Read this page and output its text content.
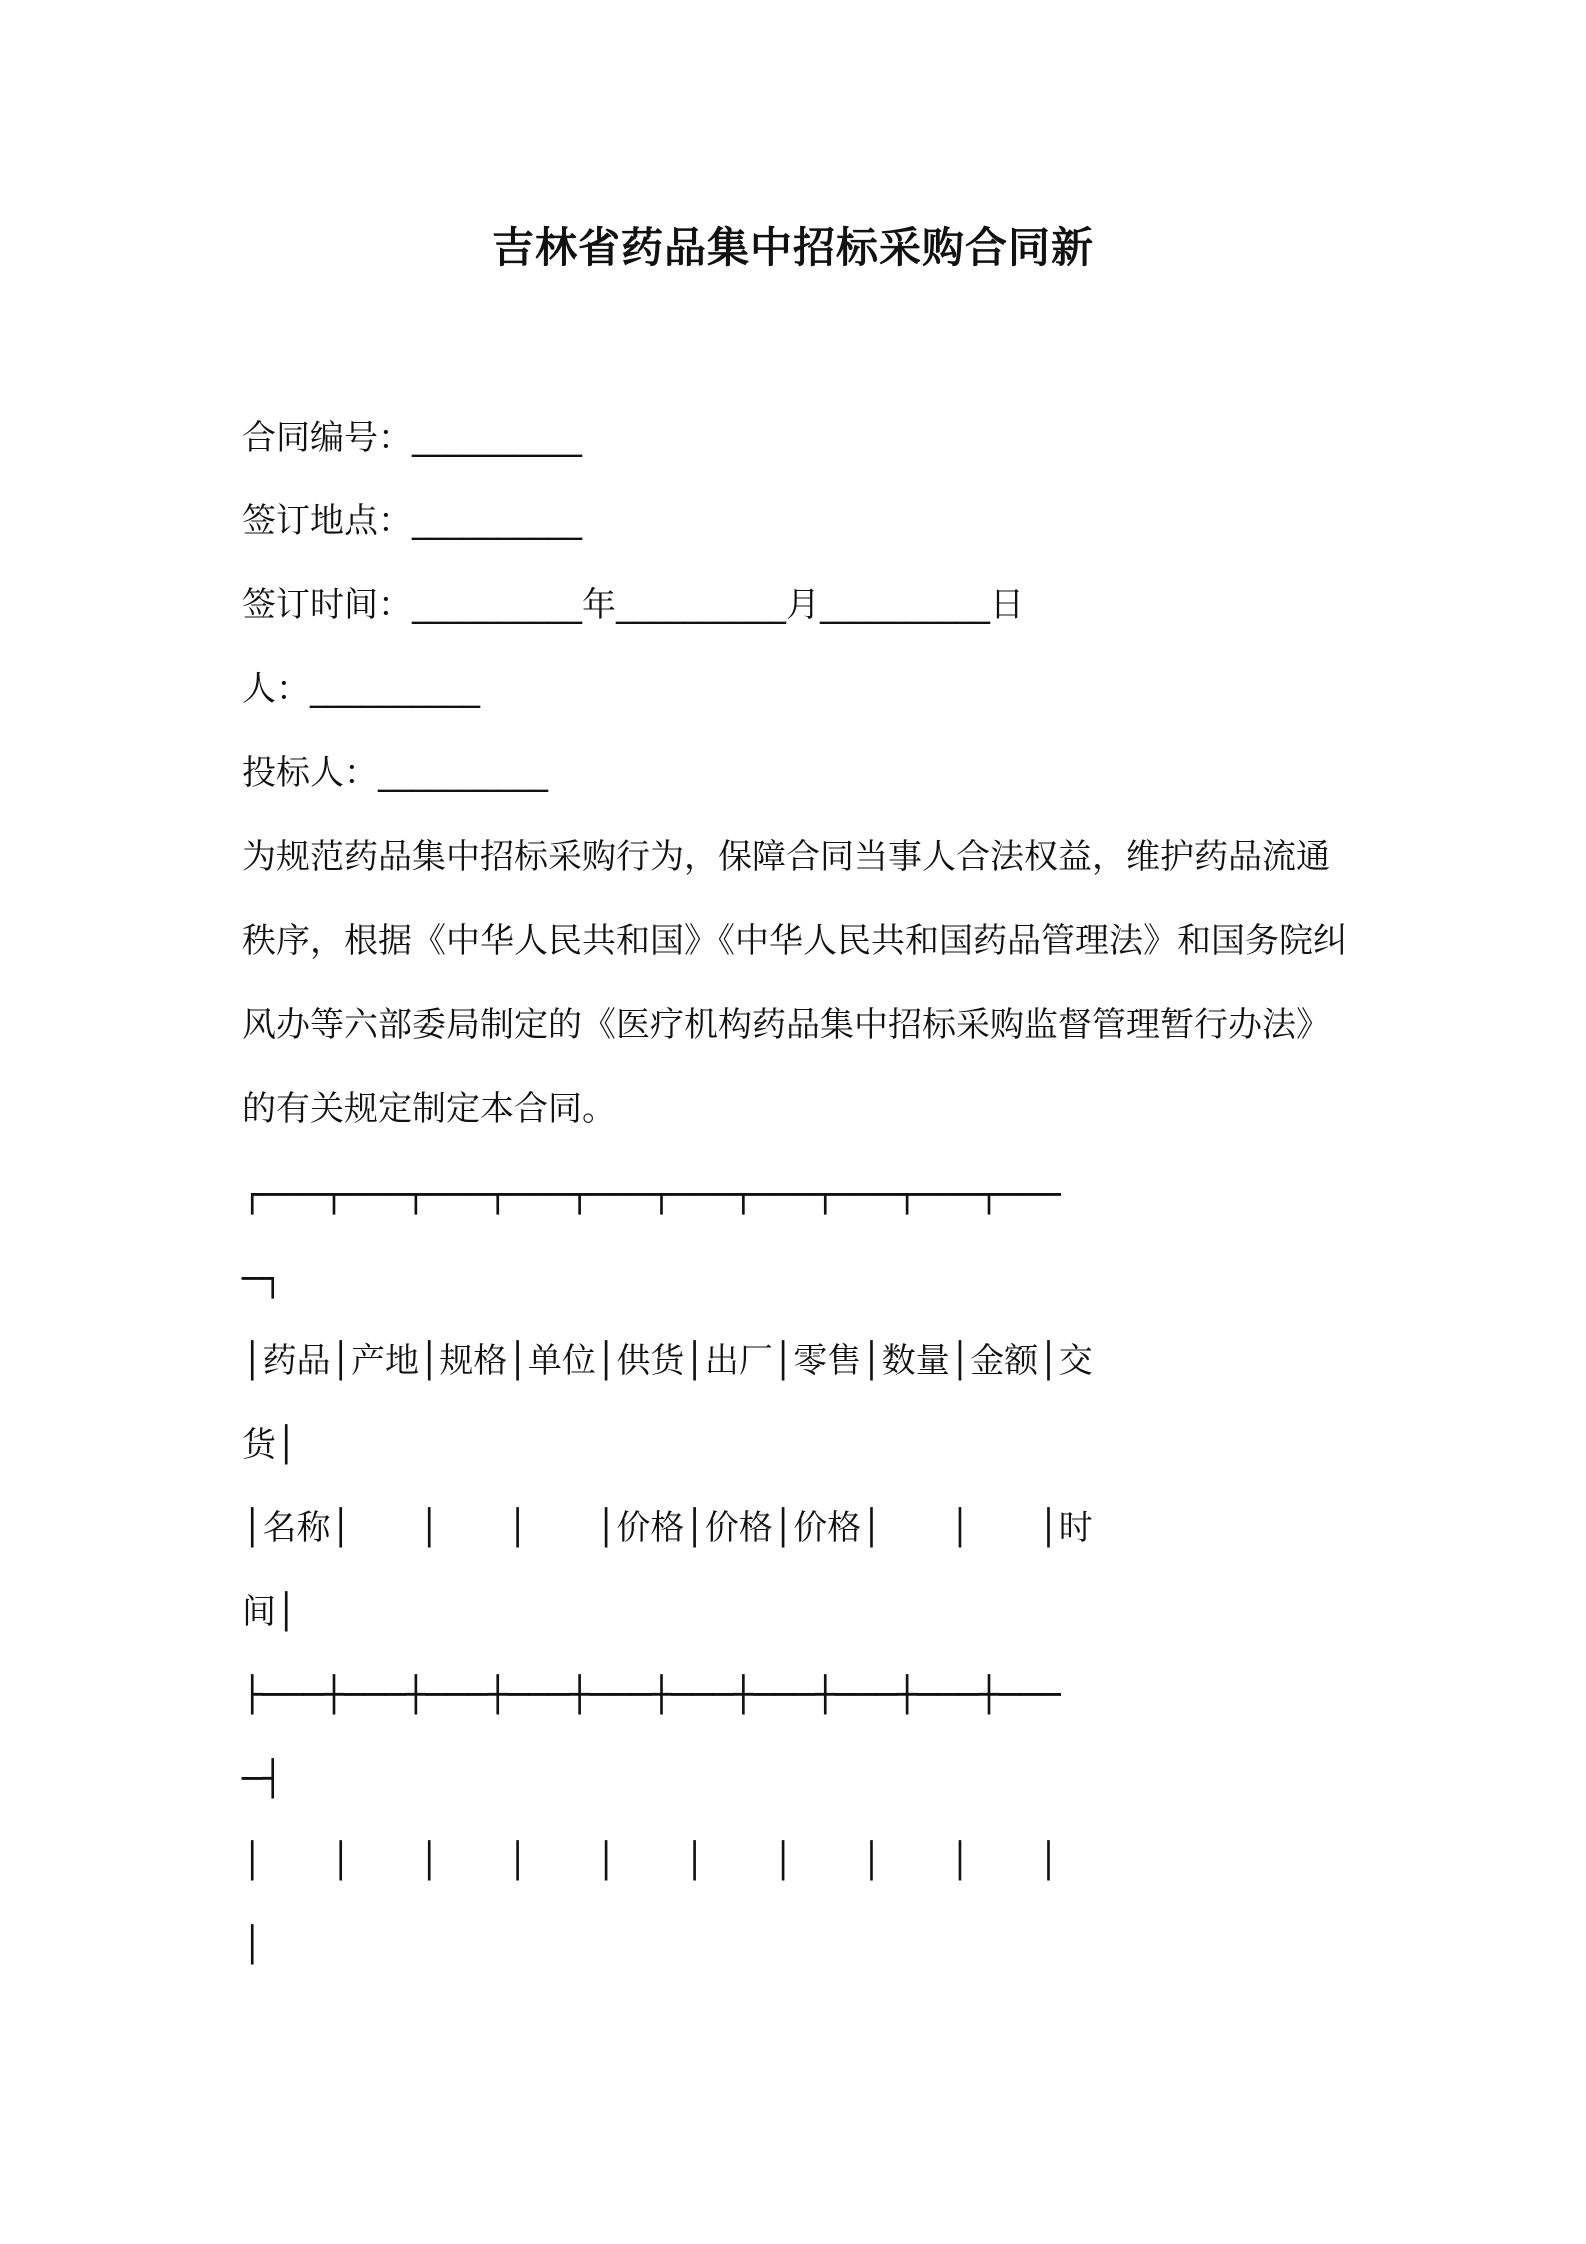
吉林省药品集中招标采购合同新
合同编号：__________
签订地点：__________
签订时间：__________年__________月__________日
人：__________
投标人：__________
为规范药品集中招标采购行为，保障合同当事人合法权益，维护药品流通秩序，根据《中华人民共和国》《中华人民共和国药品管理法》和国务院纠风办等六部委局制定的《医疗机构药品集中招标采购监督管理暂行办法》的有关规定制定本合同。
┌───┬───┬───┬───┬───┬───┬───┬───┬───┬───
─┐
│药品│产地│规格│单位│供货│出厂│零售│数量│金额│交
货│
│名称│　　│　　│　　│价格│价格│价格│　　│　　│时
间│
├───┼───┼───┼───┼───┼───┼───┼───┼───┼───
─┤
│　　│　　│　　│　　│　　│　　│　　│　　│　　│
│
